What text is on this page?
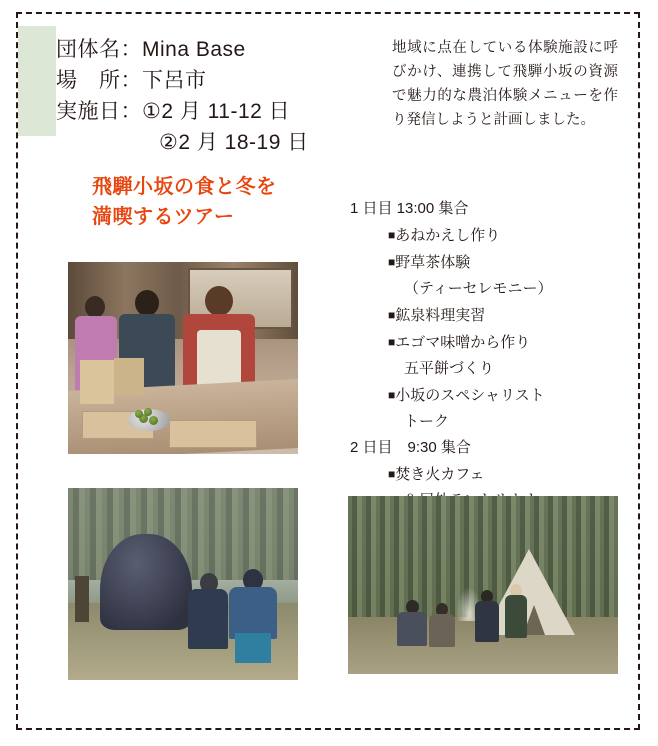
団体名：Mina Base
場　所：下呂市
実施日：①2 月 11-12 日
②2 月 18-19 日
地域に点在している体験施設に呼びかけ、連携して飛騨小坂の資源で魅力的な農泊体験メニューを作り発信しようと計画しました。
飛騨小坂の食と冬を
満喫するツアー	1 日目 13:00 集合
■あねかえし作り
■野草茶体験
（ティーセレモニー）
■鉱泉料理実習
■エゴマ味噌から作り
五平餅づくり
■小坂のスペシャリスト
トーク
2 日目　9:30 集合
■焚き火カフェ
